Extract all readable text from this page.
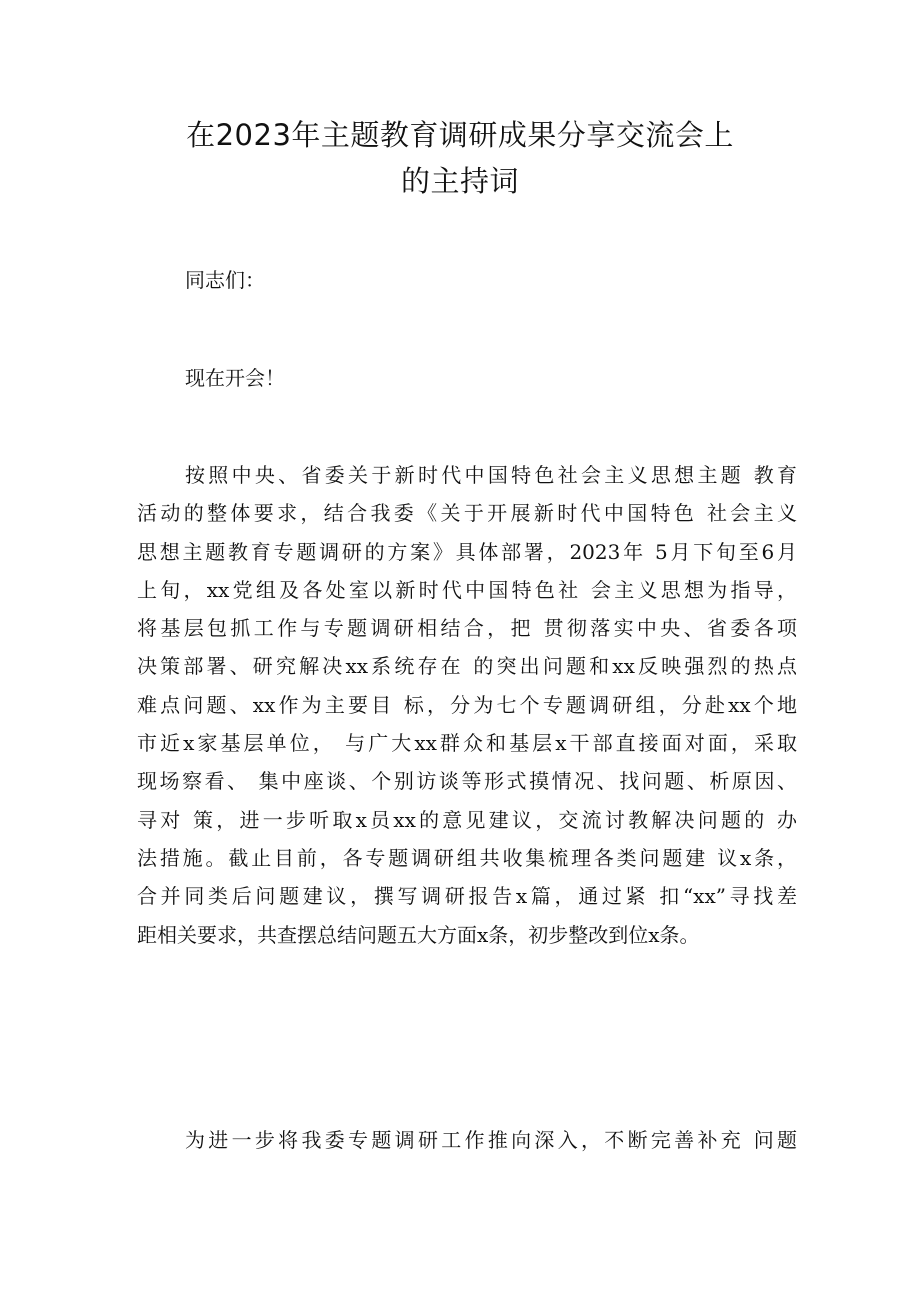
在2023年主题教育调研成果分享交流会上
的主持词

同志们：

现在开会！

按照中央、省委关于新时代中国特色社会主义思想主题 教育
活动的整体要求，结合我委《关于开展新时代中国特色 社会主义
思想主题教育专题调研的方案》具体部署，2023年 5月下旬至6月
上旬，xx党组及各处室以新时代中国特色社 会主义思想为指导，
将基层包抓工作与专题调研相结合，把 贯彻落实中央、省委各项
决策部署、研究解决xx系统存在 的突出问题和xx反映强烈的热点
难点问题、xx作为主要目 标，分为七个专题调研组，分赴xx个地
市近x家基层单位， 与广大xx群众和基层x干部直接面对面，采取
现场察看、 集中座谈、个别访谈等形式摸情况、找问题、析原因、
寻对 策，进一步听取x员xx的意见建议，交流讨教解决问题的 办
法措施。截止目前，各专题调研组共收集梳理各类问题建 议x条，
合并同类后问题建议，撰写调研报告x篇，通过紧 扣“xx”寻找差
距相关要求，共查摆总结问题五大方面x条，初步整改到位x条。
为进一步将我委专题调研工作推向深入，不断完善补充 问题
